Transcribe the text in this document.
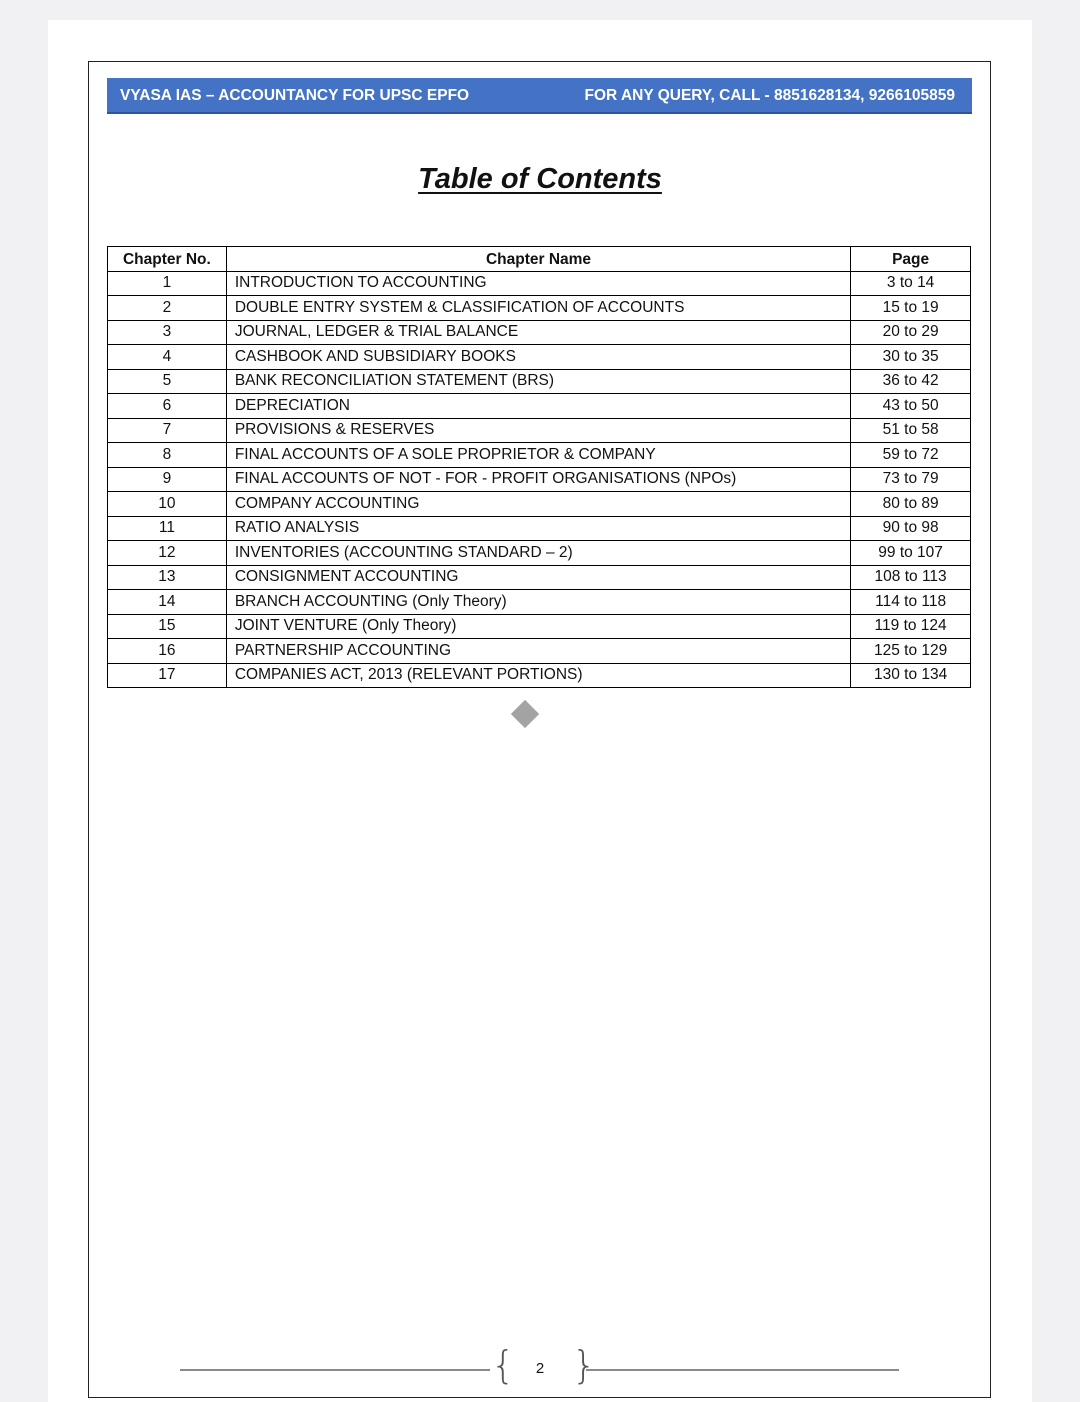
VYASA IAS – ACCOUNTANCY FOR UPSC EPFO	FOR ANY QUERY, CALL - 8851628134, 9266105859
Table of Contents
Chapter No.	Chapter Name	Page
1	INTRODUCTION TO ACCOUNTING	3 to 14
2	DOUBLE ENTRY SYSTEM & CLASSIFICATION OF ACCOUNTS	15 to 19
3	JOURNAL, LEDGER & TRIAL BALANCE	20 to 29
4	CASHBOOK AND SUBSIDIARY BOOKS	30 to 35
5	BANK RECONCILIATION STATEMENT (BRS)	36 to 42
6	DEPRECIATION	43 to 50
7	PROVISIONS & RESERVES	51 to 58
8	FINAL ACCOUNTS OF A SOLE PROPRIETOR & COMPANY	59 to 72
9	FINAL ACCOUNTS OF NOT - FOR - PROFIT ORGANISATIONS (NPOs)	73 to 79
10	COMPANY ACCOUNTING	80 to 89
11	RATIO ANALYSIS	90 to 98
12	INVENTORIES (ACCOUNTING STANDARD – 2)	99 to 107
13	CONSIGNMENT ACCOUNTING	108 to 113
14	BRANCH ACCOUNTING (Only Theory)	114 to 118
15	JOINT VENTURE (Only Theory)	119 to 124
16	PARTNERSHIP ACCOUNTING	125 to 129
17	COMPANIES ACT, 2013 (RELEVANT PORTIONS)	130 to 134
{	2 }
